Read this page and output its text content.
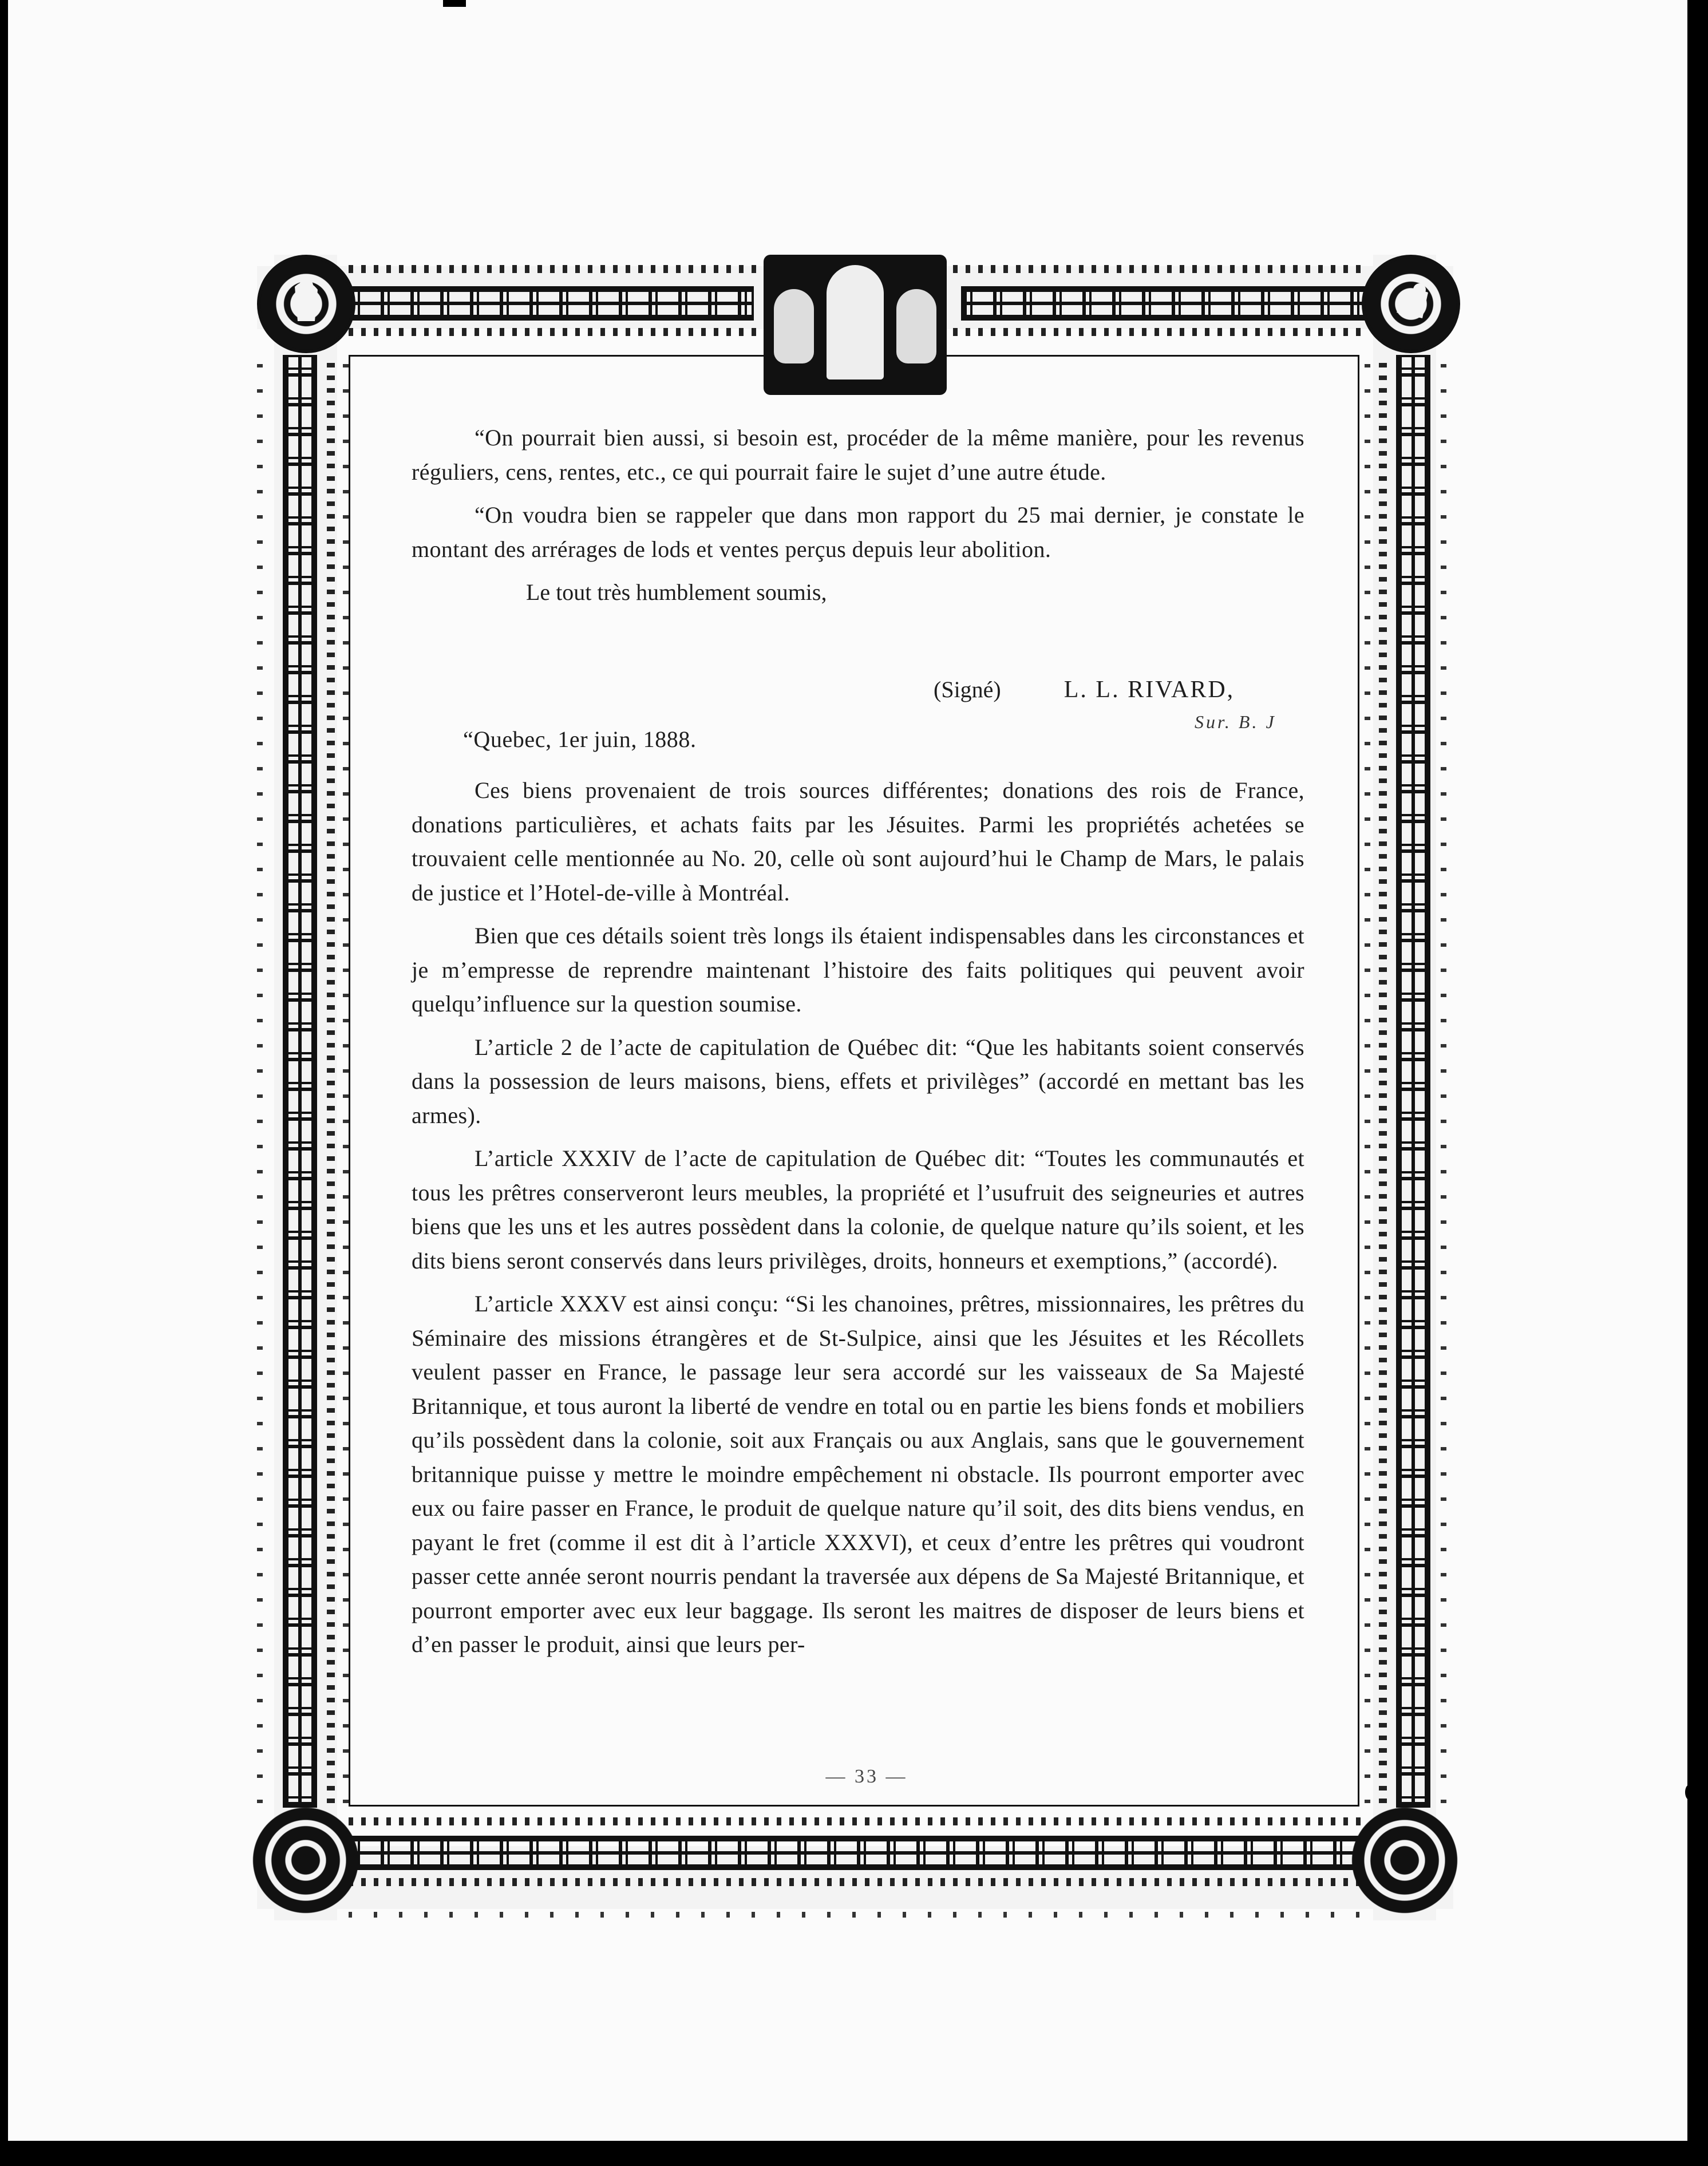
“On pourrait bien aussi, si besoin est, procéder de la même manière, pour les revenus réguliers, cens, rentes, etc., ce qui pourrait faire le sujet d’une autre étude.

“On voudra bien se rappeler que dans mon rapport du 25 mai dernier, je constate le montant des arrérages de lods et ventes perçus depuis leur abolition.

Le tout très humblement soumis,

(Signé)	L. L. RIVARD,
Sur. B. J
“Quebec, 1er juin, 1888.

Ces biens provenaient de trois sources différentes; donations des rois de France, donations particulières, et achats faits par les Jésuites. Parmi les propriétés achetées se trouvaient celle mentionnée au No. 20, celle où sont aujourd’hui le Champ de Mars, le palais de justice et l’Hotel-de-ville à Montréal.

Bien que ces détails soient très longs ils étaient indispensables dans les circonstances et je m’empresse de reprendre maintenant l’histoire des faits politiques qui peuvent avoir quelqu’influence sur la question soumise.

L’article 2 de l’acte de capitulation de Québec dit: “Que les habitants soient conservés dans la possession de leurs maisons, biens, effets et privilèges” (accordé en mettant bas les armes).

L’article XXXIV de l’acte de capitulation de Québec dit: “Toutes les communautés et tous les prêtres conserveront leurs meubles, la propriété et l’usufruit des seigneuries et autres biens que les uns et les autres possèdent dans la colonie, de quelque nature qu’ils soient, et les dits biens seront conservés dans leurs privilèges, droits, honneurs et exemptions,” (accordé).

L’article XXXV est ainsi conçu: “Si les chanoines, prêtres, missionnaires, les prêtres du Séminaire des missions étrangères et de St-Sulpice, ainsi que les Jésuites et les Récollets veulent passer en France, le passage leur sera accordé sur les vaisseaux de Sa Majesté Britannique, et tous auront la liberté de vendre en total ou en partie les biens fonds et mobiliers qu’ils possèdent dans la colonie, soit aux Français ou aux Anglais, sans que le gouvernement britannique puisse y mettre le moindre empêchement ni obstacle. Ils pourront emporter avec eux ou faire passer en France, le produit de quelque nature qu’il soit, des dits biens vendus, en payant le fret (comme il est dit à l’article XXXVI), et ceux d’entre les prêtres qui voudront passer cette année seront nourris pendant la traversée aux dépens de Sa Majesté Britannique, et pourront emporter avec eux leur baggage. Ils seront les maitres de disposer de leurs biens et d’en passer le produit, ainsi que leurs per-

— 33 —
